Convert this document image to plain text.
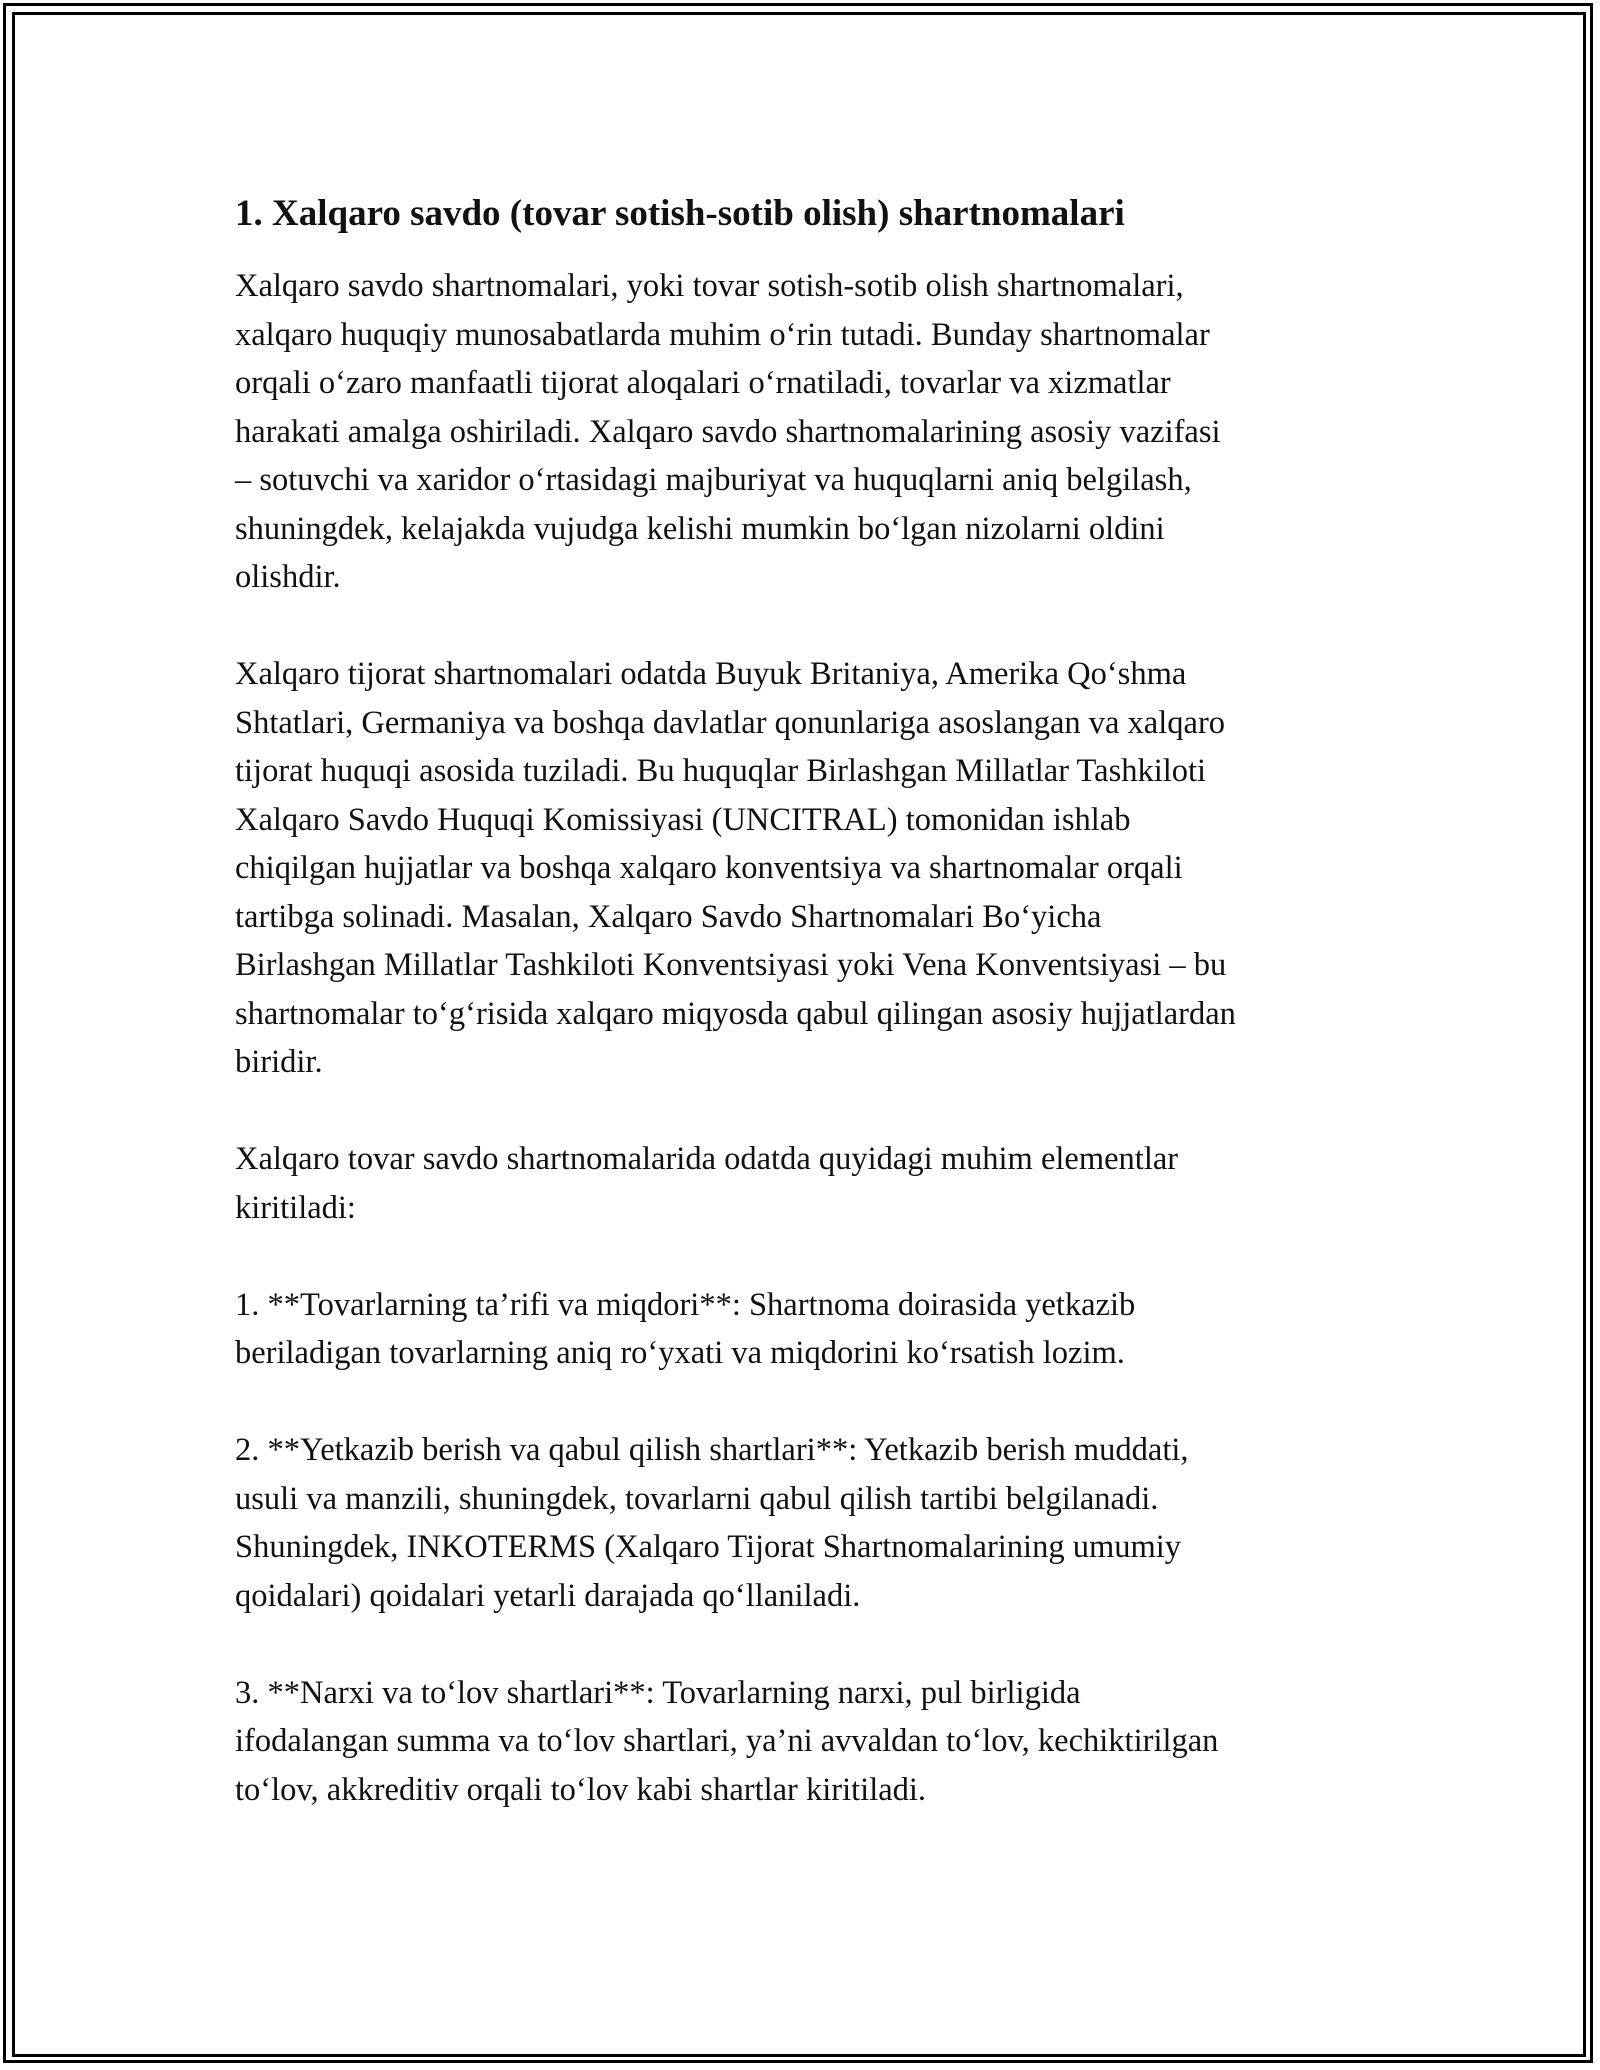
1. Xalqaro savdo (tovar sotish-sotib olish) shartnomalari

Xalqaro savdo shartnomalari, yoki tovar sotish-sotib olish shartnomalari,
xalqaro huquqiy munosabatlarda muhim o‘rin tutadi. Bunday shartnomalar
orqali o‘zaro manfaatli tijorat aloqalari o‘rnatiladi, tovarlar va xizmatlar
harakati amalga oshiriladi. Xalqaro savdo shartnomalarining asosiy vazifasi
– sotuvchi va xaridor o‘rtasidagi majburiyat va huquqlarni aniq belgilash,
shuningdek, kelajakda vujudga kelishi mumkin bo‘lgan nizolarni oldini
olishdir.

Xalqaro tijorat shartnomalari odatda Buyuk Britaniya, Amerika Qo‘shma
Shtatlari, Germaniya va boshqa davlatlar qonunlariga asoslangan va xalqaro
tijorat huquqi asosida tuziladi. Bu huquqlar Birlashgan Millatlar Tashkiloti
Xalqaro Savdo Huquqi Komissiyasi (UNCITRAL) tomonidan ishlab
chiqilgan hujjatlar va boshqa xalqaro konventsiya va shartnomalar orqali
tartibga solinadi. Masalan, Xalqaro Savdo Shartnomalari Bo‘yicha
Birlashgan Millatlar Tashkiloti Konventsiyasi yoki Vena Konventsiyasi – bu
shartnomalar to‘g‘risida xalqaro miqyosda qabul qilingan asosiy hujjatlardan
biridir.

Xalqaro tovar savdo shartnomalarida odatda quyidagi muhim elementlar
kiritiladi:

1. **Tovarlarning ta’rifi va miqdori**: Shartnoma doirasida yetkazib
beriladigan tovarlarning aniq ro‘yxati va miqdorini ko‘rsatish lozim.

2. **Yetkazib berish va qabul qilish shartlari**: Yetkazib berish muddati,
usuli va manzili, shuningdek, tovarlarni qabul qilish tartibi belgilanadi.
Shuningdek, INKOTERMS (Xalqaro Tijorat Shartnomalarining umumiy
qoidalari) qoidalari yetarli darajada qo‘llaniladi.

3. **Narxi va to‘lov shartlari**: Tovarlarning narxi, pul birligida
ifodalangan summa va to‘lov shartlari, ya’ni avvaldan to‘lov, kechiktirilgan
to‘lov, akkreditiv orqali to‘lov kabi shartlar kiritiladi.
